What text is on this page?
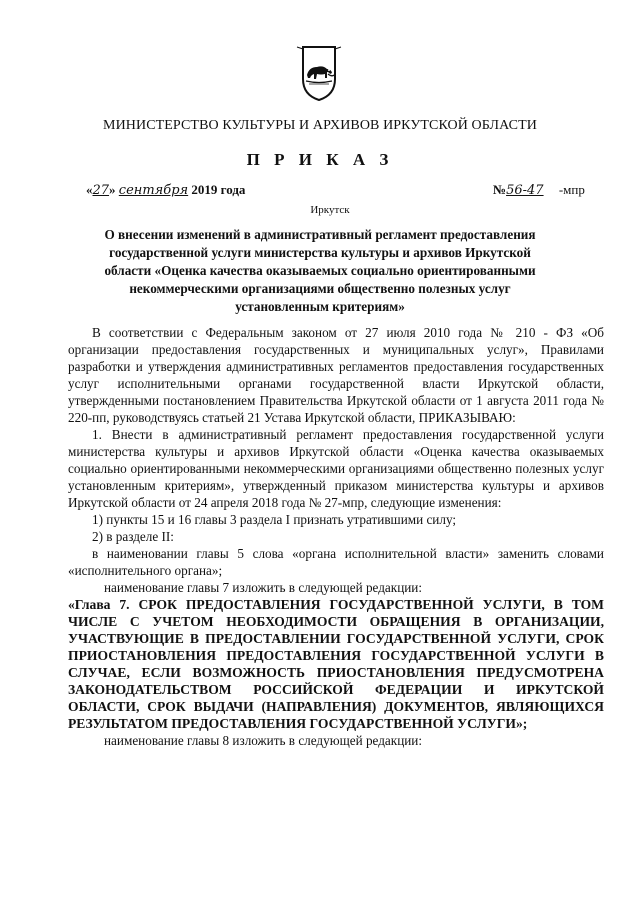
МИНИСТЕРСТВО КУЛЬТУРЫ И АРХИВОВ ИРКУТСКОЙ ОБЛАСТИ
П Р И К А З
«27» сентября 2019 года	№56-47 -мпр
Иркутск
О внесении изменений в административный регламент предоставления государственной услуги министерства культуры и архивов Иркутской области «Оценка качества оказываемых социально ориентированными некоммерческими организациями общественно полезных услуг установленным критериям»

В соответствии с Федеральным законом от 27 июля 2010 года № 210 - ФЗ «Об организации предоставления государственных и муниципальных услуг», Правилами разработки и утверждения административных регламентов предоставления государственных услуг исполнительными органами государственной власти Иркутской области, утвержденными постановлением Правительства Иркутской области от 1 августа 2011 года № 220-пп, руководствуясь статьей 21 Устава Иркутской области, ПРИКАЗЫВАЮ:

1. Внести в административный регламент предоставления государственной услуги министерства культуры и архивов Иркутской области «Оценка качества оказываемых социально ориентированными некоммерческими организациями общественно полезных услуг установленным критериям», утвержденный приказом министерства культуры и архивов Иркутской области от 24 апреля 2018 года № 27-мпр, следующие изменения:

1) пункты 15 и 16 главы 3 раздела I признать утратившими силу;

2) в разделе II:

в наименовании главы 5 слова «органа исполнительной власти» заменить словами «исполнительного органа»;

наименование главы 7 изложить в следующей редакции:

«Глава 7. СРОК ПРЕДОСТАВЛЕНИЯ ГОСУДАРСТВЕННОЙ УСЛУГИ, В ТОМ ЧИСЛЕ С УЧЕТОМ НЕОБХОДИМОСТИ ОБРАЩЕНИЯ В ОРГАНИЗАЦИИ, УЧАСТВУЮЩИЕ В ПРЕДОСТАВЛЕНИИ ГОСУДАРСТВЕННОЙ УСЛУГИ, СРОК ПРИОСТАНОВЛЕНИЯ ПРЕДОСТАВЛЕНИЯ ГОСУДАРСТВЕННОЙ УСЛУГИ В СЛУЧАЕ, ЕСЛИ ВОЗМОЖНОСТЬ ПРИОСТАНОВЛЕНИЯ ПРЕДУСМОТРЕНА ЗАКОНОДАТЕЛЬСТВОМ РОССИЙСКОЙ ФЕДЕРАЦИИ И ИРКУТСКОЙ ОБЛАСТИ, СРОК ВЫДАЧИ (НАПРАВЛЕНИЯ) ДОКУМЕНТОВ, ЯВЛЯЮЩИХСЯ РЕЗУЛЬТАТОМ ПРЕДОСТАВЛЕНИЯ ГОСУДАРСТВЕННОЙ УСЛУГИ»;

наименование главы 8 изложить в следующей редакции:
